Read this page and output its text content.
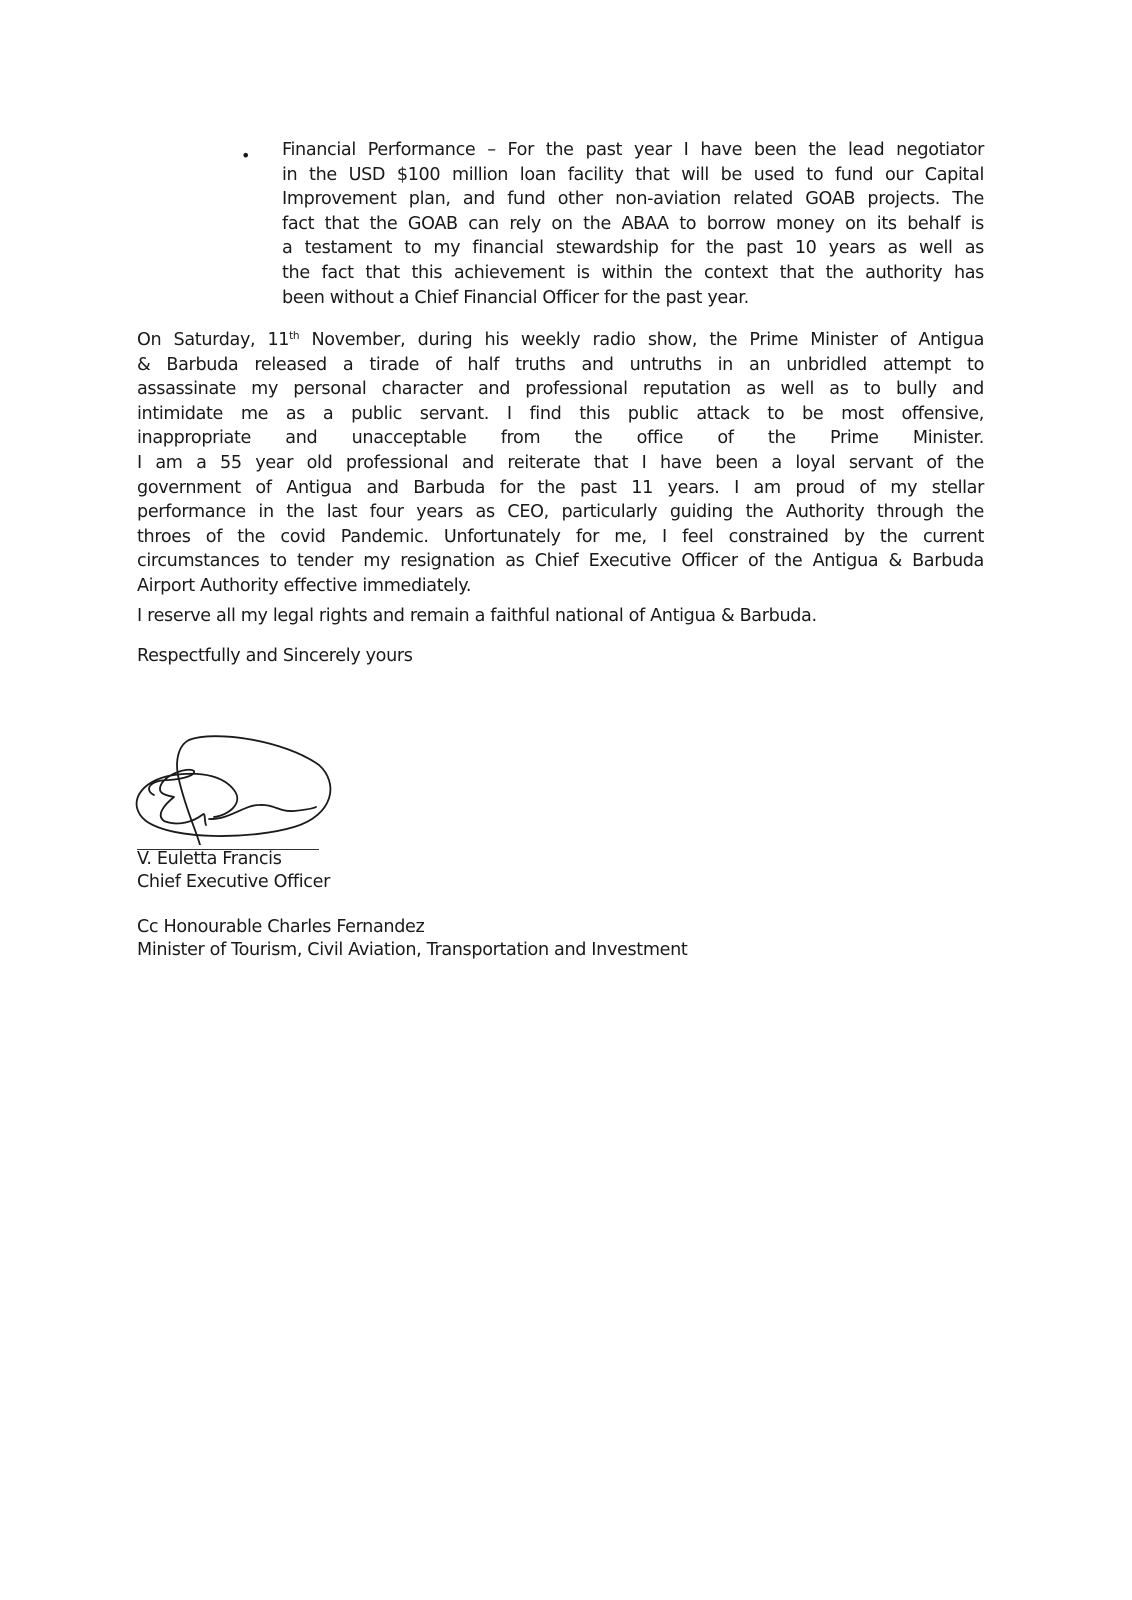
• Financial Performance – For the past year I have been the lead negotiator
in the USD $100 million loan facility that will be used to fund our Capital
Improvement plan, and fund other non-aviation related GOAB projects. The
fact that the GOAB can rely on the ABAA to borrow money on its behalf is
a testament to my financial stewardship for the past 10 years as well as
the fact that this achievement is within the context that the authority has
been without a Chief Financial Officer for the past year.
On Saturday, 11th November, during his weekly radio show, the Prime Minister of Antigua
& Barbuda released a tirade of half truths and untruths in an unbridled attempt to
assassinate my personal character and professional reputation as well as to bully and
intimidate me as a public servant. I find this public attack to be most offensive,
inappropriate and unacceptable from the office of the Prime Minister.
I am a 55 year old professional and reiterate that I have been a loyal servant of the
government of Antigua and Barbuda for the past 11 years. I am proud of my stellar
performance in the last four years as CEO, particularly guiding the Authority through the
throes of the covid Pandemic. Unfortunately for me, I feel constrained by the current
circumstances to tender my resignation as Chief Executive Officer of the Antigua & Barbuda
Airport Authority effective immediately.
I reserve all my legal rights and remain a faithful national of Antigua & Barbuda.
Respectfully and Sincerely yours
V. Euletta Francis
Chief Executive Officer
Cc Honourable Charles Fernandez
Minister of Tourism, Civil Aviation, Transportation and Investment
